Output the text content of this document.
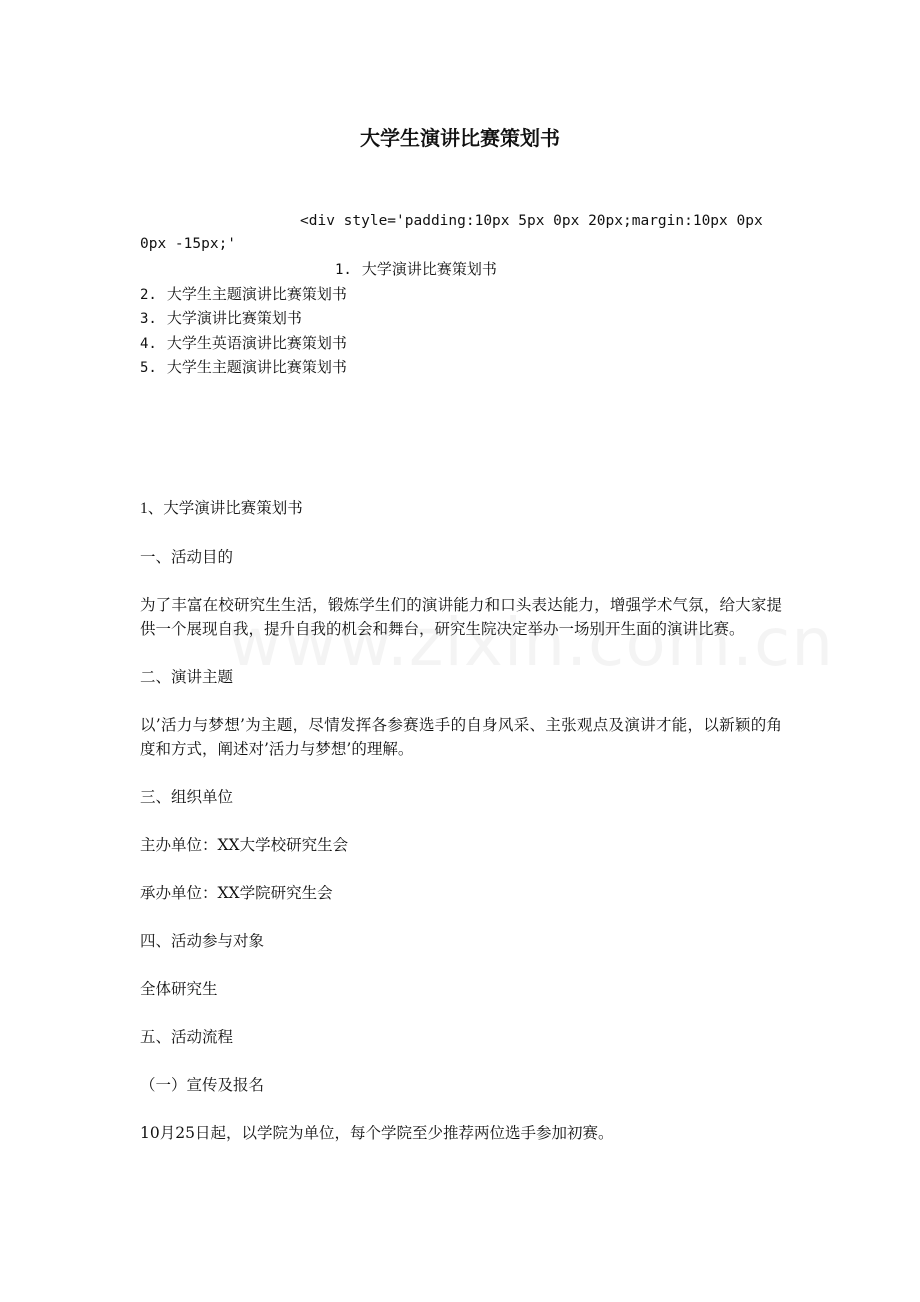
大学生演讲比赛策划书
<div style='padding:10px 5px 0px 20px;margin:10px 0px 0px -15px;'
1. 大学演讲比赛策划书
2. 大学生主题演讲比赛策划书
3. 大学演讲比赛策划书
4. 大学生英语演讲比赛策划书
5. 大学生主题演讲比赛策划书

1、大学演讲比赛策划书

一、活动目的

为了丰富在校研究生生活，锻炼学生们的演讲能力和口头表达能力，增强学术气氛，给大家提供一个展现自我，提升自我的机会和舞台，研究生院决定举办一场别开生面的演讲比赛。

二、演讲主题

以’活力与梦想’为主题，尽情发挥各参赛选手的自身风采、主张观点及演讲才能，以新颖的角度和方式，阐述对’活力与梦想’的理解。

三、组织单位

主办单位：XX大学校研究生会

承办单位：XX学院研究生会

四、活动参与对象

全体研究生

五、活动流程

（一）宣传及报名

10月25日起，以学院为单位，每个学院至少推荐两位选手参加初赛。
